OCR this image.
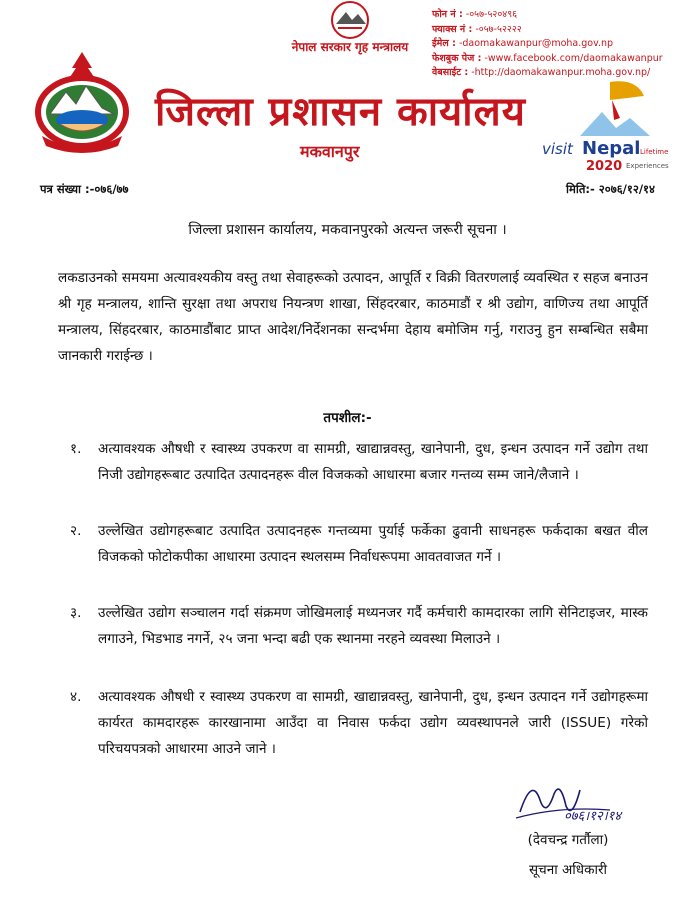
नेपाल सरकार गृह मन्त्रालय
जिल्ला प्रशासन कार्यालय
मकवानपुर
फोन नं : -०५७-५२०४९६
फ्याक्स नं : -०५७-५२२२२
ईमेल : -daomakawanpur@moha.gov.np
फेशबुक पेज : -www.facebook.com/daomakawanpur
वेबसाईट : -http://daomakawanpur.moha.gov.np/
visit Nepal Lifetime
2020 Experiences
पत्र संख्या :-०७६/७७	मिति:- २०७६/१२/१४
जिल्ला प्रशासन कार्यालय, मकवानपुरको अत्यन्त जरूरी सूचना ।
लकडाउनको समयमा अत्यावश्यकीय वस्तु तथा सेवाहरूको उत्पादन, आपूर्ति र विक्री वितरणलाई व्यवस्थित र सहज बनाउन श्री गृह मन्त्रालय, शान्ति सुरक्षा तथा अपराध नियन्त्रण शाखा, सिंहदरबार, काठमाडौं र श्री उद्योग, वाणिज्य तथा आपूर्ति मन्त्रालय, सिंहदरबार, काठमाडौंबाट प्राप्त आदेश/निर्देशनका सन्दर्भमा देहाय बमोजिम गर्नु, गराउनु हुन सम्बन्धित सबैमा जानकारी गराईन्छ ।
तपशील:-
१. अत्यावश्यक औषधी र स्वास्थ्य उपकरण वा सामग्री, खाद्यान्नवस्तु, खानेपानी, दुध, इन्धन उत्पादन गर्ने उद्योग तथा निजी उद्योगहरूबाट उत्पादित उत्पादनहरू वील विजकको आधारमा बजार गन्तव्य सम्म जाने/लैजाने ।
२. उल्लेखित उद्योगहरूबाट उत्पादित उत्पादनहरू गन्तव्यमा पुर्याई फर्केका ढुवानी साधनहरू फर्कदाका बखत वील विजकको फोटोकपीका आधारमा उत्पादन स्थलसम्म निर्वाधरूपमा आवतवाजत गर्ने ।
३. उल्लेखित उद्योग सञ्चालन गर्दा संक्रमण जोखिमलाई मध्यनजर गर्दै कर्मचारी कामदारका लागि सेनिटाइजर, मास्क लगाउने, भिडभाड नगर्ने, २५ जना भन्दा बढी एक स्थानमा नरहने व्यवस्था मिलाउने ।
४. अत्यावश्यक औषधी र स्वास्थ्य उपकरण वा सामग्री, खाद्यान्नवस्तु, खानेपानी, दुध, इन्धन उत्पादन गर्ने उद्योगहरूमा कार्यरत कामदारहरू कारखानामा आउँदा वा निवास फर्कदा उद्योग व्यवस्थापनले जारी (ISSUE) गरेको परिचयपत्रको आधारमा आउने जाने ।
०७६।१२।१४
(देवचन्द्र गर्तौला)
सूचना अधिकारी
